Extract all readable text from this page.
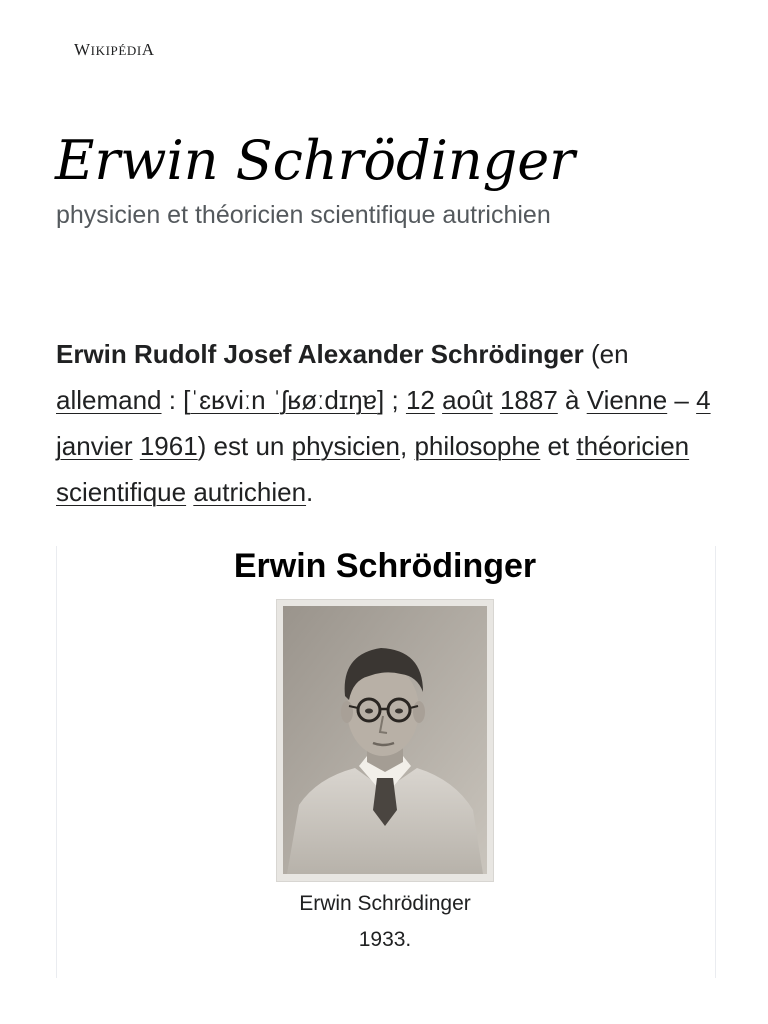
WIKIPÉDIA
Erwin Schrödinger
physicien et théoricien scientifique autrichien

Erwin Rudolf Josef Alexander Schrödinger (en allemand : [ˈɛʁviːn ˈʃʁøːdɪŋɐ] ; 12 août 1887 à Vienne – 4 janvier 1961) est un physicien, philosophe et théoricien scientifique autrichien.

Erwin Schrödinger
Erwin Schrödinger
1933.
